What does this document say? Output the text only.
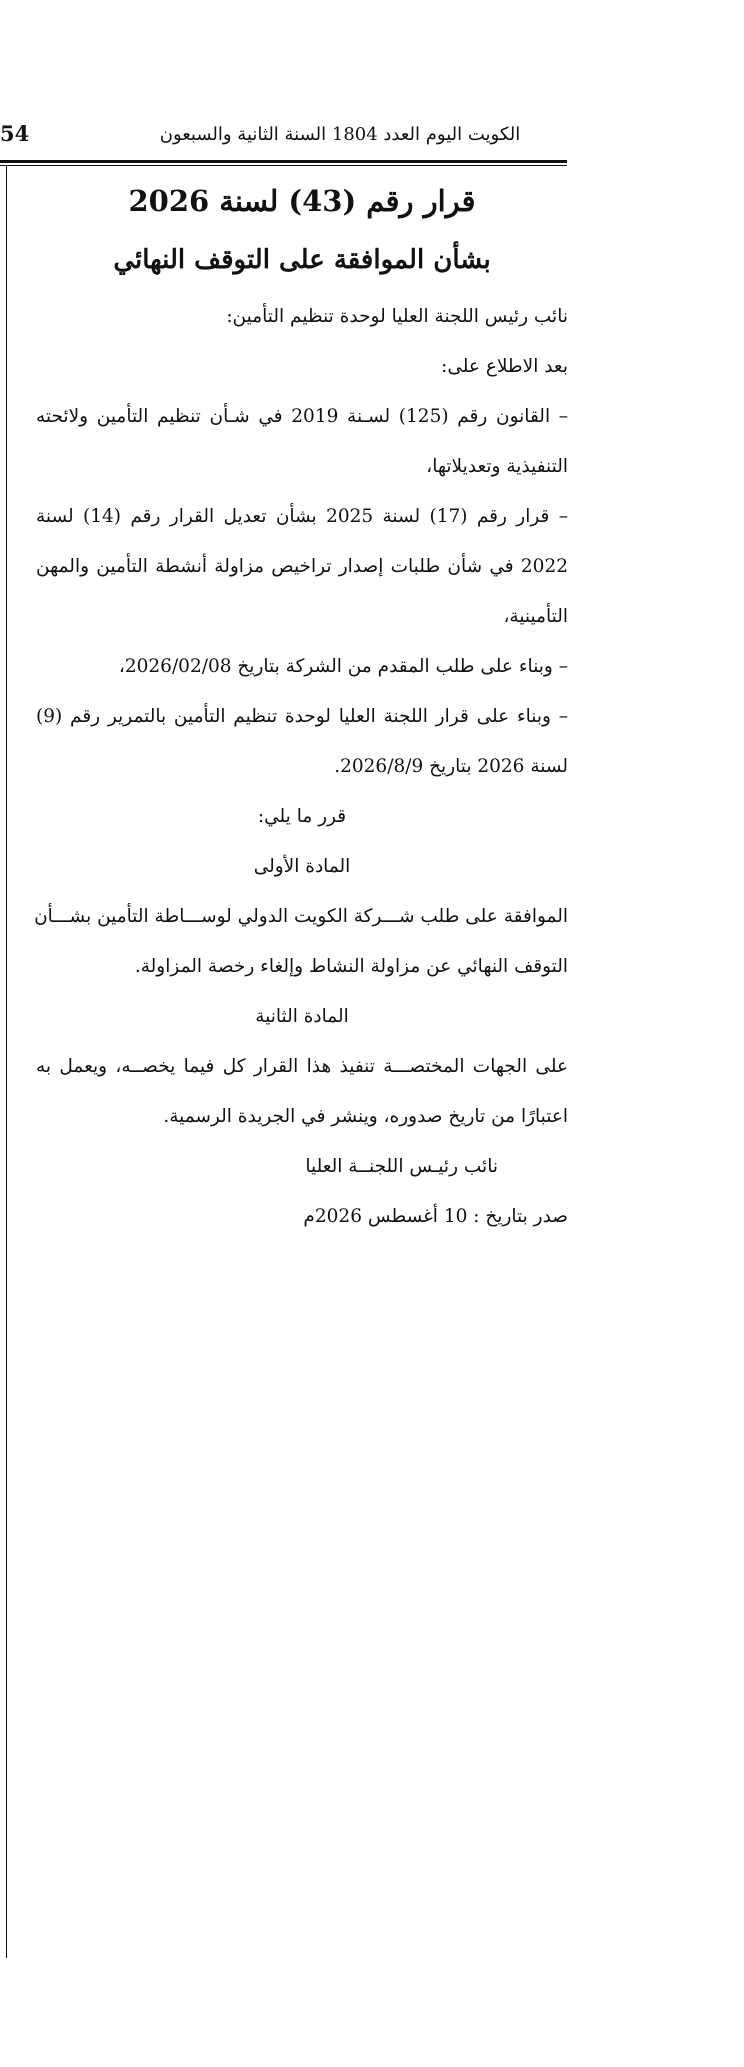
54	الكويت اليوم العدد 1804 السنة الثانية والسبعون
قرار رقم (43) لسنة 2026
بشأن الموافقة على التوقف النهائي
نائب رئيس اللجنة العليا لوحدة تنظيم التأمين:
بعد الاطلاع على:
– القانون رقم (125) لسـنة 2019 في شـأن تنظيم التأمين ولائحته
التنفيذية وتعديلاتها،
– قرار رقم (17) لسنة 2025 بشأن تعديل القرار رقم (14) لسنة
2022 في شأن طلبات إصدار تراخيص مزاولة أنشطة التأمين والمهن
التأمينية،
– وبناء على طلب المقدم من الشركة بتاريخ 2026/02/08،
– وبناء على قرار اللجنة العليا لوحدة تنظيم التأمين بالتمرير رقم (9)
لسنة 2026 بتاريخ 2026/8/9.
قرر ما يلي:
المادة الأولى
الموافقة على طلب شـــركة الكويت الدولي لوســـاطة التأمين بشـــأن
التوقف النهائي عن مزاولة النشاط وإلغاء رخصة المزاولة.
المادة الثانية
على الجهات المختصـــة تنفيذ هذا القرار كل فيما يخصــه، ويعمل به
اعتبارًا من تاريخ صدوره، وينشر في الجريدة الرسمية.
نائب رئيـس اللجنــة العليا
صدر بتاريخ : 10 أغسطس 2026م
